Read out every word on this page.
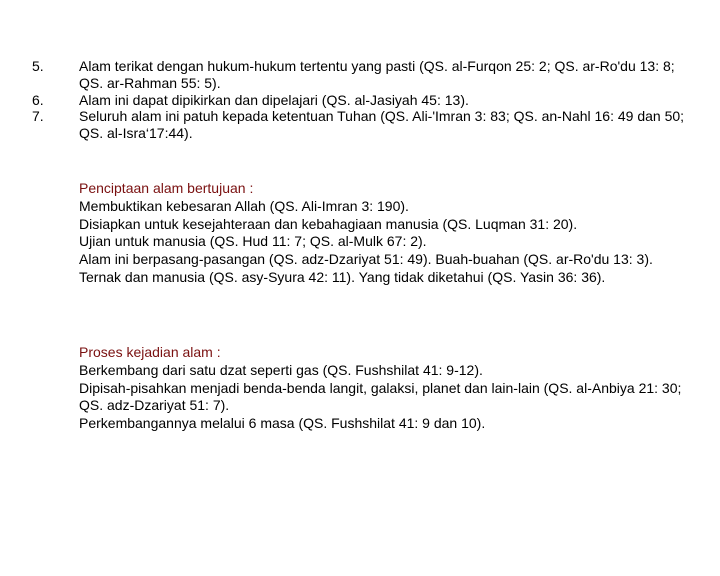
5.	Alam terikat dengan hukum-hukum tertentu yang pasti (QS. al-Furqon 25: 2; QS. ar-Ro'du 13: 8; QS. ar-Rahman 55: 5).
6.	Alam ini dapat dipikirkan dan dipelajari (QS. al-Jasiyah 45: 13).
7.	Seluruh alam ini patuh kepada ketentuan Tuhan (QS. Ali-'Imran 3: 83; QS. an-Nahl 16: 49 dan 50; QS. al-Isra‘17:44).
Penciptaan alam bertujuan :
Membuktikan kebesaran Allah (QS. Ali-Imran 3: 190).
Disiapkan untuk kesejahteraan dan kebahagiaan manusia (QS. Luqman 31: 20).
Ujian untuk manusia (QS. Hud 11: 7; QS. al-Mulk 67: 2).
Alam ini berpasang-pasangan (QS. adz-Dzariyat 51: 49). Buah-buahan (QS. ar-Ro'du 13: 3). Ternak dan manusia (QS. asy-Syura 42: 11). Yang tidak diketahui (QS. Yasin 36: 36).
Proses kejadian alam :
Berkembang dari satu dzat seperti gas (QS. Fushshilat 41: 9-12).
Dipisah-pisahkan menjadi benda-benda langit, galaksi, planet dan lain-lain (QS. al-Anbiya 21: 30; QS. adz-Dzariyat 51: 7).
Perkembangannya melalui 6 masa (QS. Fushshilat 41: 9 dan 10).
